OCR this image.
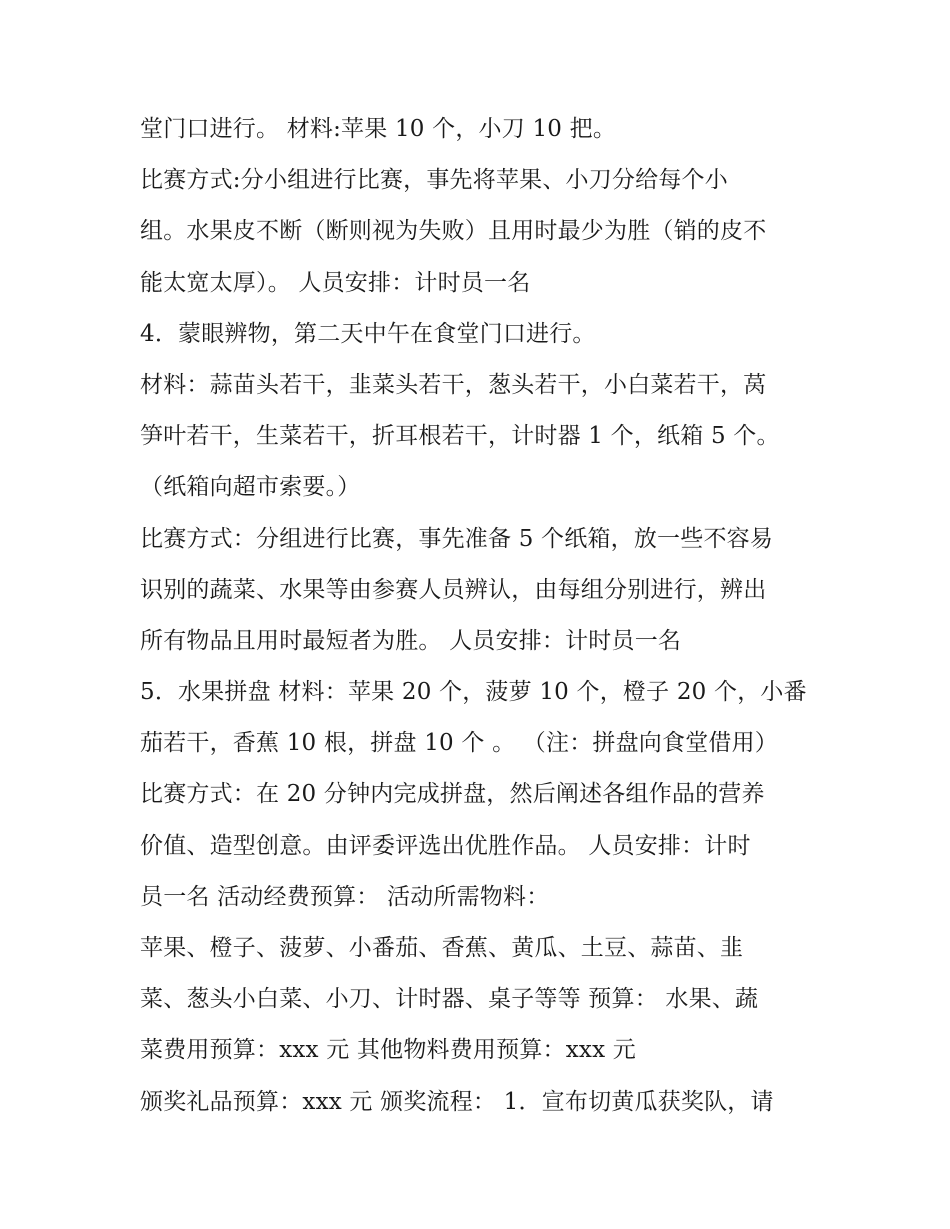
堂门口进行。 材料:苹果 10 个，小刀 10 把。
比赛方式:分小组进行比赛，事先将苹果、小刀分给每个小
组。水果皮不断（断则视为失败）且用时最少为胜（销的皮不
能太宽太厚）。 人员安排：计时员一名
4．蒙眼辨物，第二天中午在食堂门口进行。
材料：蒜苗头若干，韭菜头若干，葱头若干，小白菜若干，莴
笋叶若干，生菜若干，折耳根若干，计时器 1 个，纸箱 5 个。
（纸箱向超市索要。）
比赛方式：分组进行比赛，事先准备 5 个纸箱，放一些不容易
识别的蔬菜、水果等由参赛人员辨认，由每组分别进行，辨出
所有物品且用时最短者为胜。 人员安排：计时员一名
5．水果拼盘 材料：苹果 20 个，菠萝 10 个，橙子 20 个，小番
茄若干，香蕉 10 根，拼盘 10 个 。 （注：拼盘向食堂借用）
比赛方式：在 20 分钟内完成拼盘，然后阐述各组作品的营养
价值、造型创意。由评委评选出优胜作品。 人员安排：计时
员一名 活动经费预算： 活动所需物料：
苹果、橙子、菠萝、小番茄、香蕉、黄瓜、土豆、蒜苗、韭
菜、葱头小白菜、小刀、计时器、桌子等等 预算： 水果、蔬
菜费用预算：xxx 元 其他物料费用预算：xxx 元
颁奖礼品预算：xxx 元 颁奖流程： 1．宣布切黄瓜获奖队，请
